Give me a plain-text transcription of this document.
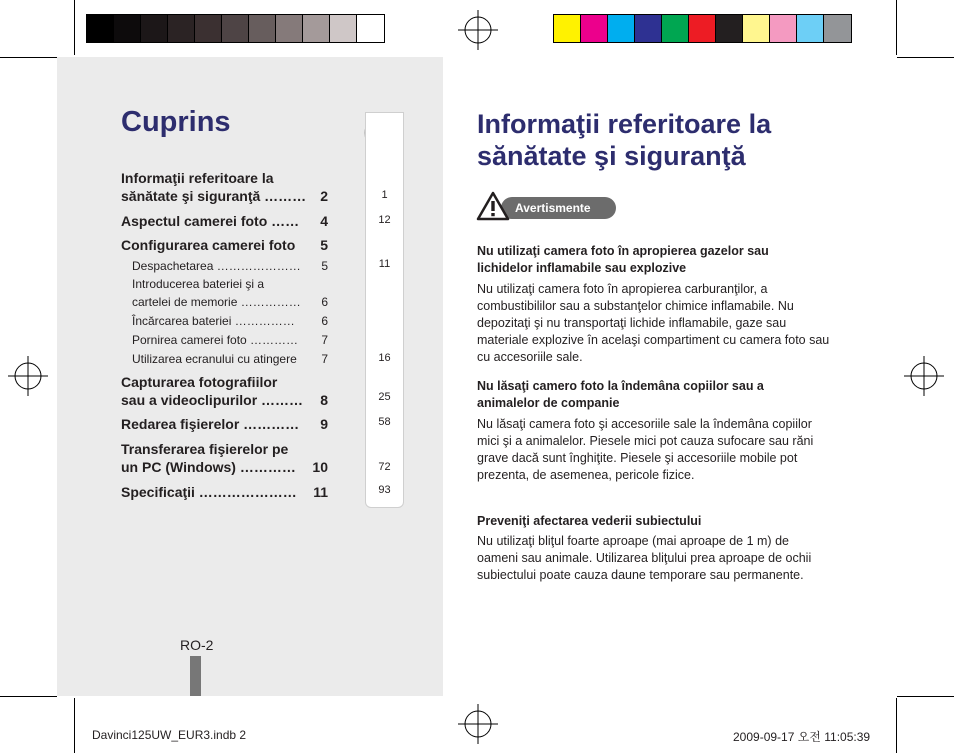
Cuprins
Informaţii referitoare la
sănătate şi siguranţă ………	2
Aspectul camerei foto ……	4
Configurarea camerei foto	5
Despachetarea …………………	5
Introducerea bateriei şi a
cartelei de memorie ……………	6
Încărcarea bateriei ……………	6
Pornirea camerei foto …………	7
Utilizarea ecranului cu atingere	7
Capturarea fotografiilor
sau a videoclipurilor ………	8
Redarea fişierelor …………	9
Transferarea fişierelor pe
un PC (Windows) …………	10
Specificaţii …………………	11
1
12
11
16
25
58
72
93
RO-2
Informaţii referitoare la
sănătate şi siguranţă
Avertismente
Nu utilizaţi camera foto în apropierea gazelor sau lichidelor inflamabile sau explozive
Nu utilizaţi camera foto în apropierea carburanţilor, a combustibililor sau a substanţelor chimice inflamabile. Nu depozitaţi şi nu transportaţi lichide inflamabile, gaze sau materiale explozive în acelaşi compartiment cu camera foto sau cu accesoriile sale.
Nu lăsaţi camero foto la îndemâna copiilor sau a animalelor de companie
Nu lăsaţi camera foto şi accesoriile sale la îndemâna copiilor mici şi a animalelor. Piesele mici pot cauza sufocare sau răni grave dacă sunt înghiţite. Piesele şi accesoriile mobile pot prezenta, de asemenea, pericole fizice.
Preveniţi afectarea vederii subiectului
Nu utilizaţi bliţul foarte aproape (mai aproape de 1 m) de oameni sau animale. Utilizarea bliţului prea aproape de ochii subiectului poate cauza daune temporare sau permanente.
Davinci125UW_EUR3.indb 2	2009-09-17 오전 11:05:39
